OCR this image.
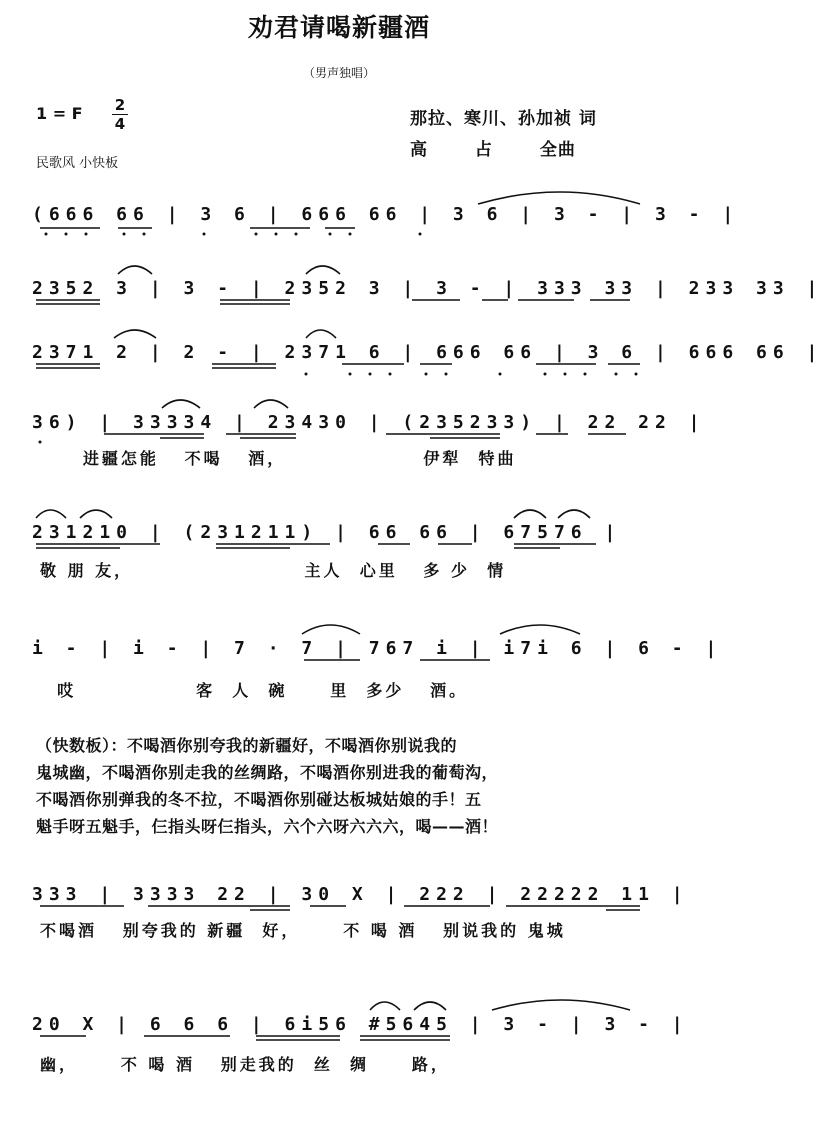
劝君请喝新疆酒
（男声独唱）
1 = F 2
4	那拉、寒川、孙加祯 词
高 占 全曲
民歌风 小快板
(666 66 | 3 6 | 666 66 | 3 6 | 3 - | 3 - |
2352 3 | 3 - | 2352 3 | 3 - | 333 33 | 233 33 |
2371 2 | 2 - | 2371 6 | 666 66 | 3 6 | 666 66 |
36) | 33334 | 23430 | (235233) | 22 22 |
进疆怎能   不喝   酒，                伊犁  特曲
231210 | (231211) | 66 66 | 67576 |
敬 朋 友，                    主人  心里   多 少  情
i - | i - | 7 · 7 | 767 i | i7i 6 | 6 - |
哎              客  人  碗     里  多少   酒。
（快数板）：不喝酒你别夸我的新疆好，不喝酒你别说我的
鬼城幽，不喝酒你别走我的丝绸路，不喝酒你别进我的葡萄沟，
不喝酒你别弹我的冬不拉，不喝酒你别碰达板城姑娘的手！五
魁手呀五魁手，仨指头呀仨指头，六个六呀六六六，喝——酒！
333 | 3333 22 | 30 X | 222 | 22222 11 |
不喝酒   别夸我的 新疆  好，     不 喝 酒   别说我的 鬼城
20 X | 6 6 6 | 6i56 #5645 | 3 - | 3 - |
幽，     不 喝 酒   别走我的  丝  绸     路，
